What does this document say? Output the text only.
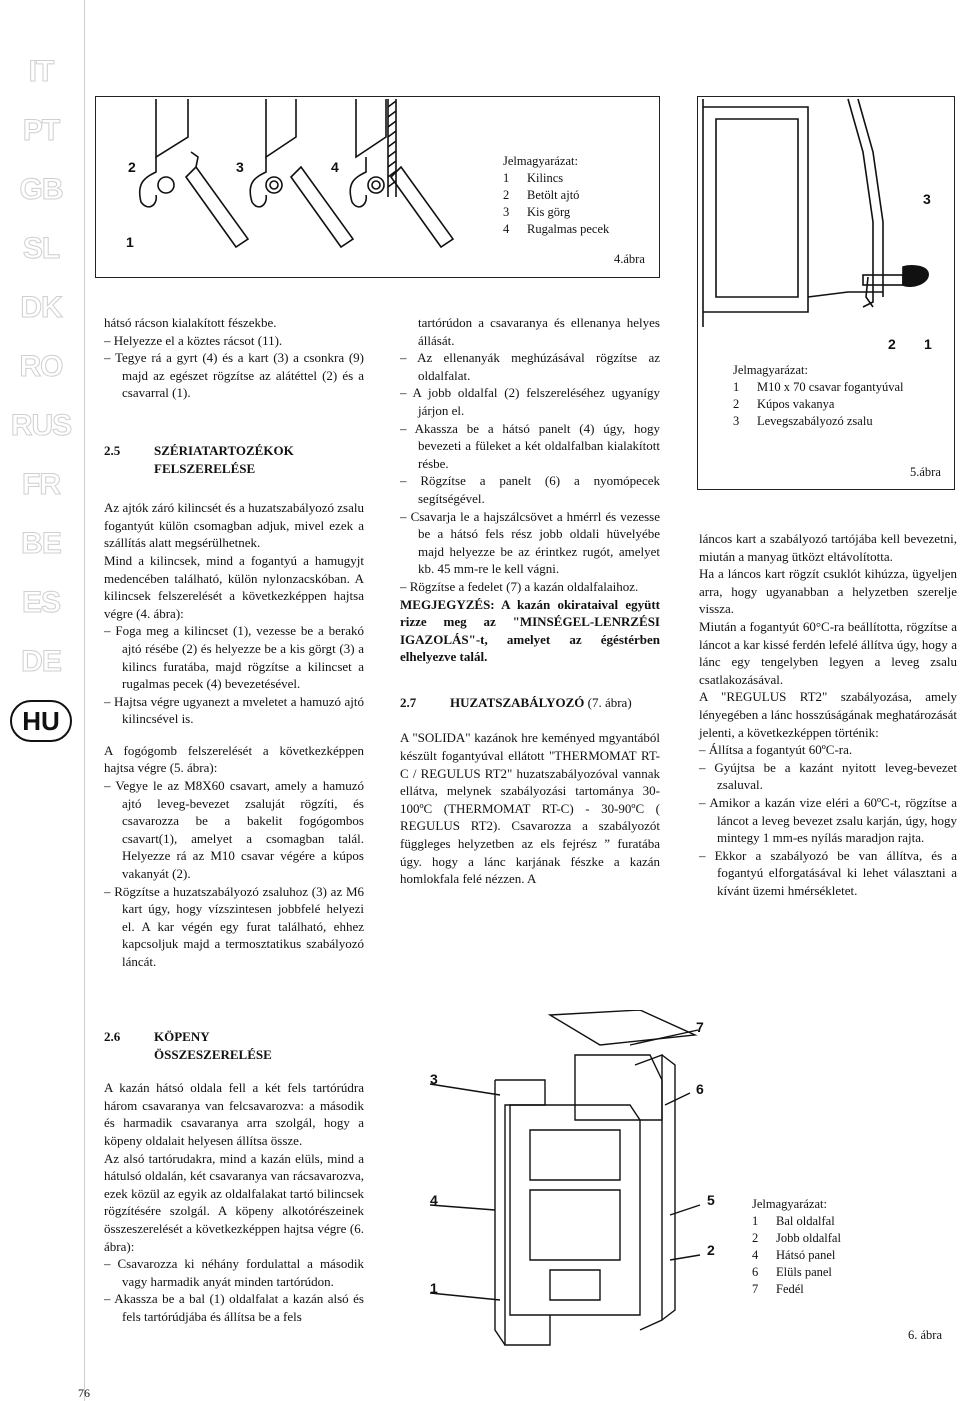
IT
PT
GB
SL
DK
RO
RUS
FR
BE
ES
DE
HU
2	3	4
1
Jelmagyarázat:
1	Kilincs
2	Betölt ajtó
3	Kis görg
4	Rugalmas pecek
4.ábra
3
2 1
Jelmagyarázat:
1	M10 x 70 csavar fogantyúval
2	Kúpos vakanya
3	Levegszabályozó zsalu
5.ábra
7
3
6
4	5
2
1
Jelmagyarázat:
1	Bal oldalfal
2	Jobb oldalfal
4	Hátsó panel
6	Elüls panel
7	Fedél
6. ábra

hátsó rácson kialakított fészekbe.

– Helyezze el a köztes rácsot (11).

– Tegye rá a gyrt (4) és a kart (3) a csonkra (9) majd az egészet rögzítse az alátéttel (2) és a csavarral (1).

2.5	SZÉRIATARTOZÉKOK
FELSZERELÉSE

Az ajtók záró kilincsét és a huzatszabályozó zsalu fogantyút külön csomagban adjuk, mivel ezek a szállítás alatt megsérülhetnek.

Mind a kilincsek, mind a fogantyú a hamugyjt medencében található, külön nylonzacskóban. A kilincsek felszerelését a következképpen hajtsa végre (4. ábra):

– Foga meg a kilincset (1), vezesse be a berakó ajtó résébe (2) és helyezze be a kis görgt (3) a kilincs furatába, majd rögzítse a kilincset a rugalmas pecek (4) bevezetésével.

– Hajtsa végre ugyanezt a mveletet a hamuzó ajtó kilincsével is.

A fogógomb felszerelését a következképpen hajtsa végre (5. ábra):

– Vegye le az M8X60 csavart, amely a hamuzó ajtó leveg-bevezet zsaluját rögzíti, és csavarozza be a bakelit fogógombos csavart(1), amelyet a csomagban talál. Helyezze rá az M10 csavar végére a kúpos vakanyát (2).

– Rögzítse a huzatszabályozó zsaluhoz (3) az M6 kart úgy, hogy vízszintesen jobbfelé helyezi el. A kar végén egy furat található, ehhez kapcsoljuk majd a termosztatikus szabályozó láncát.

2.6	KÖPENY
ÖSSZESZERELÉSE

A kazán hátsó oldala fell a két fels tartórúdra három csavaranya van felcsavarozva: a második és harmadik csavaranya arra szolgál, hogy a köpeny oldalait helyesen állítsa össze.

Az alsó tartórudakra, mind a kazán elüls, mind a hátulsó oldalán, két csavaranya van rácsavarozva, ezek közül az egyik az oldalfalakat tartó bilincsek rögzítésére szolgál. A köpeny alkotórészeinek összeszerelését a következképpen hajtsa végre (6. ábra):

– Csavarozza ki néhány fordulattal a második vagy harmadik anyát minden tartórúdon.

– Akassza be a bal (1) oldalfalat a kazán alsó és fels tartórúdjába és állítsa be a fels

tartórúdon a csavaranya és ellenanya helyes állását.

– Az ellenanyák meghúzásával rögzítse az oldalfalat.

– A jobb oldalfal (2) felszereléséhez ugyanígy járjon el.

– Akassza be a hátsó panelt (4) úgy, hogy bevezeti a füleket a két oldalfalban kialakított résbe.

– Rögzítse a panelt (6) a nyomópecek segítségével.

– Csavarja le a hajszálcsövet a hmérrl és vezesse be a hátsó fels rész jobb oldali hüvelyébe majd helyezze be az érintkez rugót, amelyet kb. 45 mm-re le kell vágni.

– Rögzítse a fedelet (7) a kazán oldalfalaihoz.

MEGJEGYZÉS: A kazán okirataival együtt rizze meg az "MINSÉGEL-LENRZÉSI IGAZOLÁS"-t, amelyet az égéstérben elhelyezve talál.

2.7	HUZATSZABÁLYOZÓ (7. ábra)

A "SOLIDA" kazánok hre keményed mgyantából készült fogantyúval ellátott "THERMOMAT RT-C / REGULUS RT2" huzatszabályozóval vannak ellátva, melynek szabályozási tartománya 30-100ºC (THERMOMAT RT-C) - 30-90ºC ( REGULUS RT2). Csavarozza a szabályozót függleges helyzetben az els fejrész ” furatába úgy. hogy a lánc karjának fészke a kazán homlokfala felé nézzen. A

láncos kart a szabályozó tartójába kell bevezetni, miután a manyag ütközt eltávolította.

Ha a láncos kart rögzít csuklót kihúzza, ügyeljen arra, hogy ugyanabban a helyzetben szerelje vissza.

Miután a fogantyút 60°C-ra beállította, rögzítse a láncot a kar kissé ferdén lefelé állítva úgy, hogy a lánc egy tengelyben legyen a leveg zsalu csatlakozásával.

A "REGULUS RT2" szabályozása, amely lényegében a lánc hosszúságának meghatározását jelenti, a következképpen történik:

– Állítsa a fogantyút 60ºC-ra.

– Gyújtsa be a kazánt nyitott leveg-bevezet zsaluval.

– Amikor a kazán vize eléri a 60ºC-t, rögzítse a láncot a leveg bevezet zsalu karján, úgy, hogy mintegy 1 mm-es nyílás maradjon rajta.

– Ekkor a szabályozó be van állítva, és a fogantyú elforgatásával ki lehet választani a kívánt üzemi hmérsékletet.

76
